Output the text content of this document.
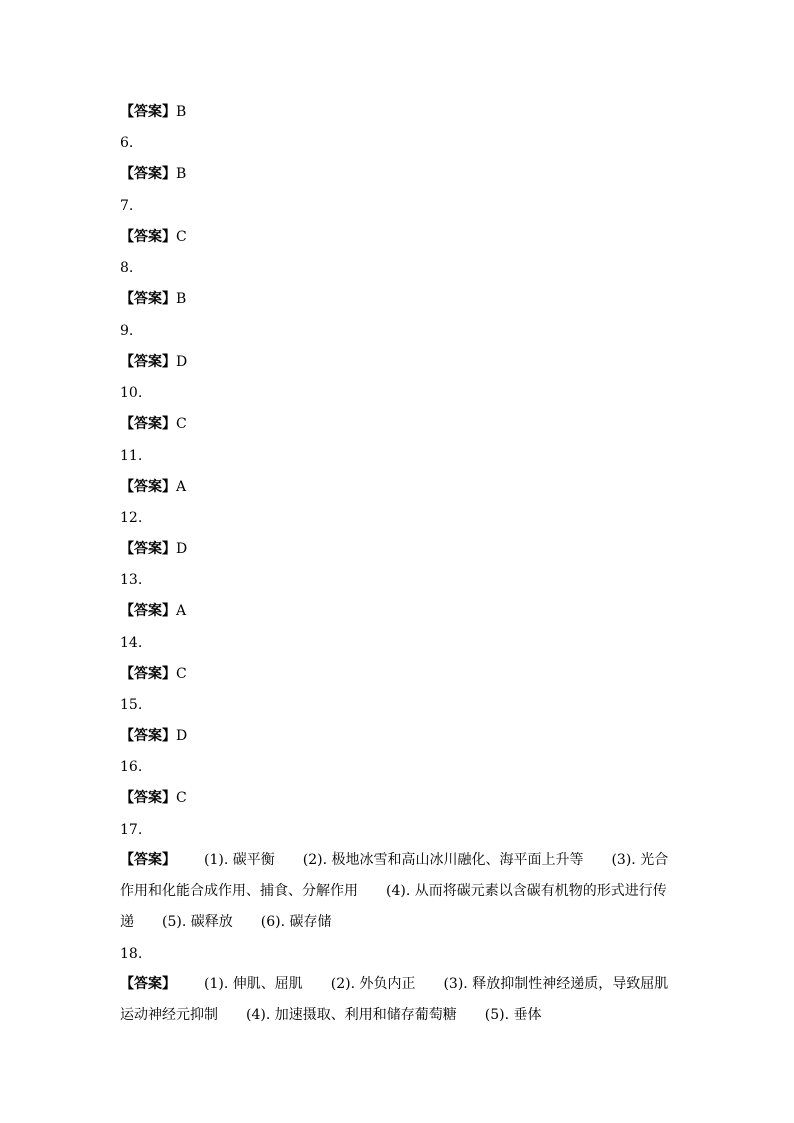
【答案】B
6.
【答案】B
7.
【答案】C
8.
【答案】B
9.
【答案】D
10.
【答案】C
11.
【答案】A
12.
【答案】D
13.
【答案】A
14.
【答案】C
15.
【答案】D
16.
【答案】C
17.
【答案】 (1). 碳平衡 (2). 极地冰雪和高山冰川融化、海平面上升等 (3). 光合作用和化能合成作用、捕食、分解作用 (4). 从而将碳元素以含碳有机物的形式进行传递 (5). 碳释放 (6). 碳存储
18.
【答案】 (1). 伸肌、屈肌 (2). 外负内正 (3). 释放抑制性神经递质，导致屈肌运动神经元抑制 (4). 加速摄取、利用和储存葡萄糖 (5). 垂体
